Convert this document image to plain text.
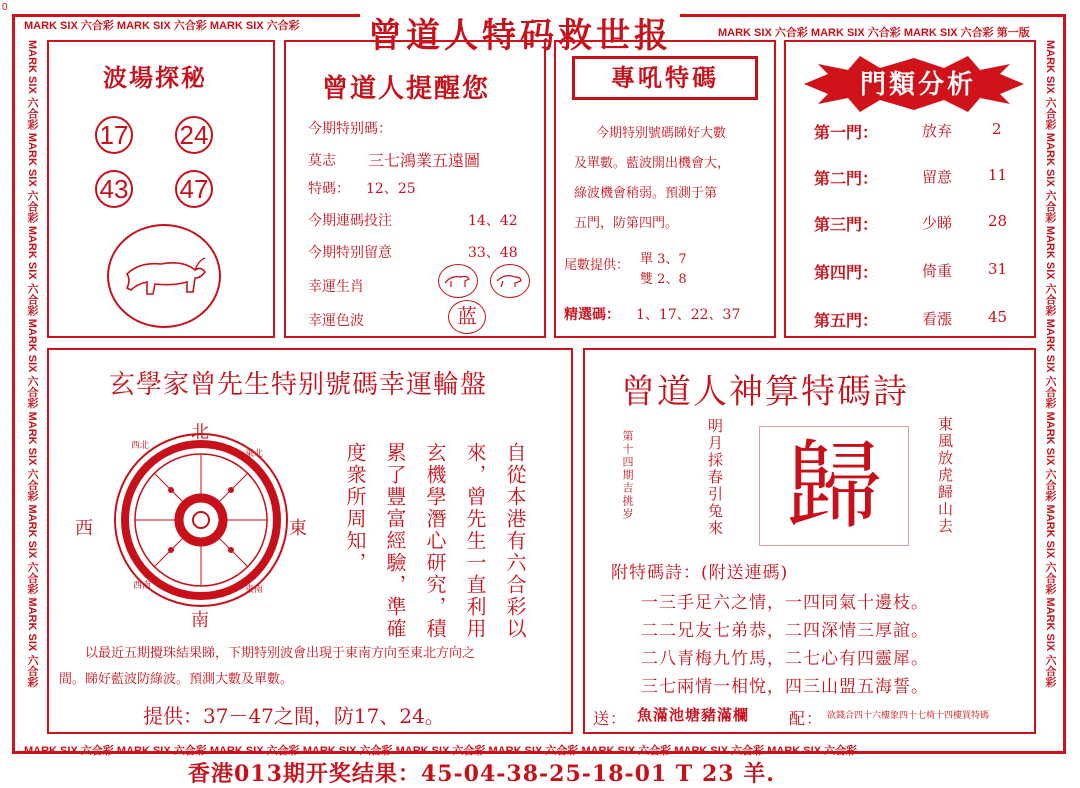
0
MARK SIX 六合彩 MARK SIX 六合彩 MARK SIX 六合彩
MARK SIX 六合彩 MARK SIX 六合彩 MARK SIX 六合彩 第一版
MARK SIX 六合彩 MARK SIX 六合彩 MARK SIX 六合彩 MARK SIX 六合彩 MARK SIX 六合彩 MARK SIX 六合彩 MARK SIX 六合彩 MARK SIX 六合彩 MARK SIX 六合彩
MARK SIX 六合彩 MARK SIX 六合彩 MARK SIX 六合彩 MARK SIX 六合彩 MARK SIX 六合彩 MARK SIX 六合彩 MARK SIX 六合彩
MARK SIX 六合彩 MARK SIX 六合彩 MARK SIX 六合彩 MARK SIX 六合彩 MARK SIX 六合彩 MARK SIX 六合彩 MARK SIX 六合彩
曾道人特码救世报
波場探秘
17 24
43 47
曾道人提醒您
今期特别碼：
莫志 三七鴻業五遠圖
特碼： 12、25
今期連碼投注	14、42
今期特别留意	33、48
幸運生肖
幸運色波	蓝
專吼特碼
今期特别號碼睇好大數
及單數。藍波開出機會大，
綠波機會稍弱。預測于第
五門，防第四門。
尾數提供： 單 3、7
雙 2、8
精選碼： 1、17、22、37
門類分析
第一門：	放弃	2
第二門：	留意 11
第三門：	少睇 28
第四門：	倚重 31
第五門：	看漲 45
玄學家曾先生特别號碼幸運輪盤
北
南
西	東
西北
東北
西南	東南	自從本港有六合彩以
來，曾先生一直利用
玄機學潛心研究，積
累了豐富經驗，準確
度衆所周知，
以最近五期攪珠結果睇，下期特别波會出現于東南方向至東北方向之
間。睇好藍波防綠波。預測大數及單數。
提供：37－47之間，防17、24。
曾道人神算特碼詩
第十四期吉挑岁	明月採春引兔來 歸	東風放虎歸山去
附特碼詩：(附送連碼)
一三手足六之情，一四同氣十邊枝。
二二兄友七弟恭，二四深情三厚誼。
二八青梅九竹馬，二七心有四靈犀。
三七兩情一相悅，四三山盟五海誓。
送： 魚滿池塘豬滿欄 配： 欲錢合四十六樓象四十七椅十四樓買特碼
香港013期开奖结果：45-04-38-25-18-01 T 23 羊.
